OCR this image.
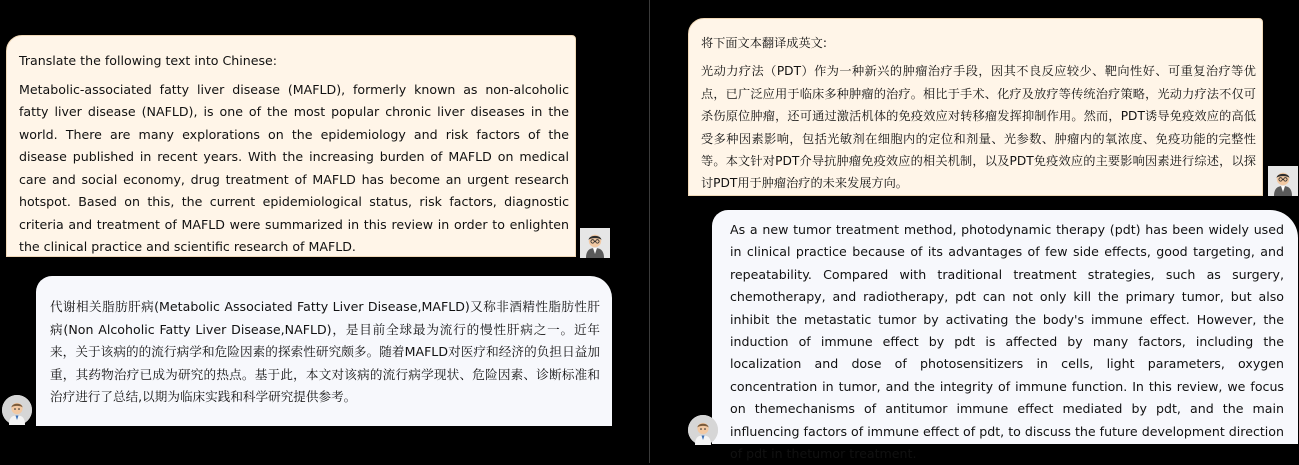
Translate the following text into Chinese:

Metabolic-associated fatty liver disease (MAFLD), formerly known as non-alcoholic fatty liver disease (NAFLD), is one of the most popular chronic liver diseases in the world. There are many explorations on the epidemiology and risk factors of the disease published in recent years. With the increasing burden of MAFLD on medical care and social economy, drug treatment of MAFLD has become an urgent research hotspot. Based on this, the current epidemiological status, risk factors, diagnostic criteria and treatment of MAFLD were summarized in this review in order to enlighten the clinical practice and scientific research of MAFLD.

代谢相关脂肪肝病(Metabolic Associated Fatty Liver Disease,MAFLD)又称非酒精性脂肪性肝病(Non Alcoholic Fatty Liver Disease,NAFLD)，是目前全球最为流行的慢性肝病之一。近年来，关于该病的的流行病学和危险因素的探索性研究颇多。随着MAFLD对医疗和经济的负担日益加重，其药物治疗已成为研究的热点。基于此，本文对该病的流行病学现状、危险因素、诊断标准和治疗进行了总结,以期为临床实践和科学研究提供参考。

将下面文本翻译成英文:

光动力疗法（PDT）作为一种新兴的肿瘤治疗手段，因其不良反应较少、靶向性好、可重复治疗等优点，已广泛应用于临床多种肿瘤的治疗。相比于手术、化疗及放疗等传统治疗策略，光动力疗法不仅可杀伤原位肿瘤，还可通过激活机体的免疫效应对转移瘤发挥抑制作用。然而，PDT诱导免疫效应的高低受多种因素影响，包括光敏剂在细胞内的定位和剂量、光参数、肿瘤内的氧浓度、免疫功能的完整性等。本文针对PDT介导抗肿瘤免疫效应的相关机制，以及PDT免疫效应的主要影响因素进行综述，以探讨PDT用于肿瘤治疗的未来发展方向。

As a new tumor treatment method, photodynamic therapy (pdt) has been widely used in clinical practice because of its advantages of few side effects, good targeting, and repeatability. Compared with traditional treatment strategies, such as surgery, chemotherapy, and radiotherapy, pdt can not only kill the primary tumor, but also inhibit the metastatic tumor by activating the body's immune effect. However, the induction of immune effect by pdt is affected by many factors, including the localization and dose of photosensitizers in cells, light parameters, oxygen concentration in tumor, and the integrity of immune function. In this review, we focus on themechanisms of antitumor immune effect mediated by pdt, and the main influencing factors of immune effect of pdt, to discuss the future development direction of pdt in thetumor treatment.
